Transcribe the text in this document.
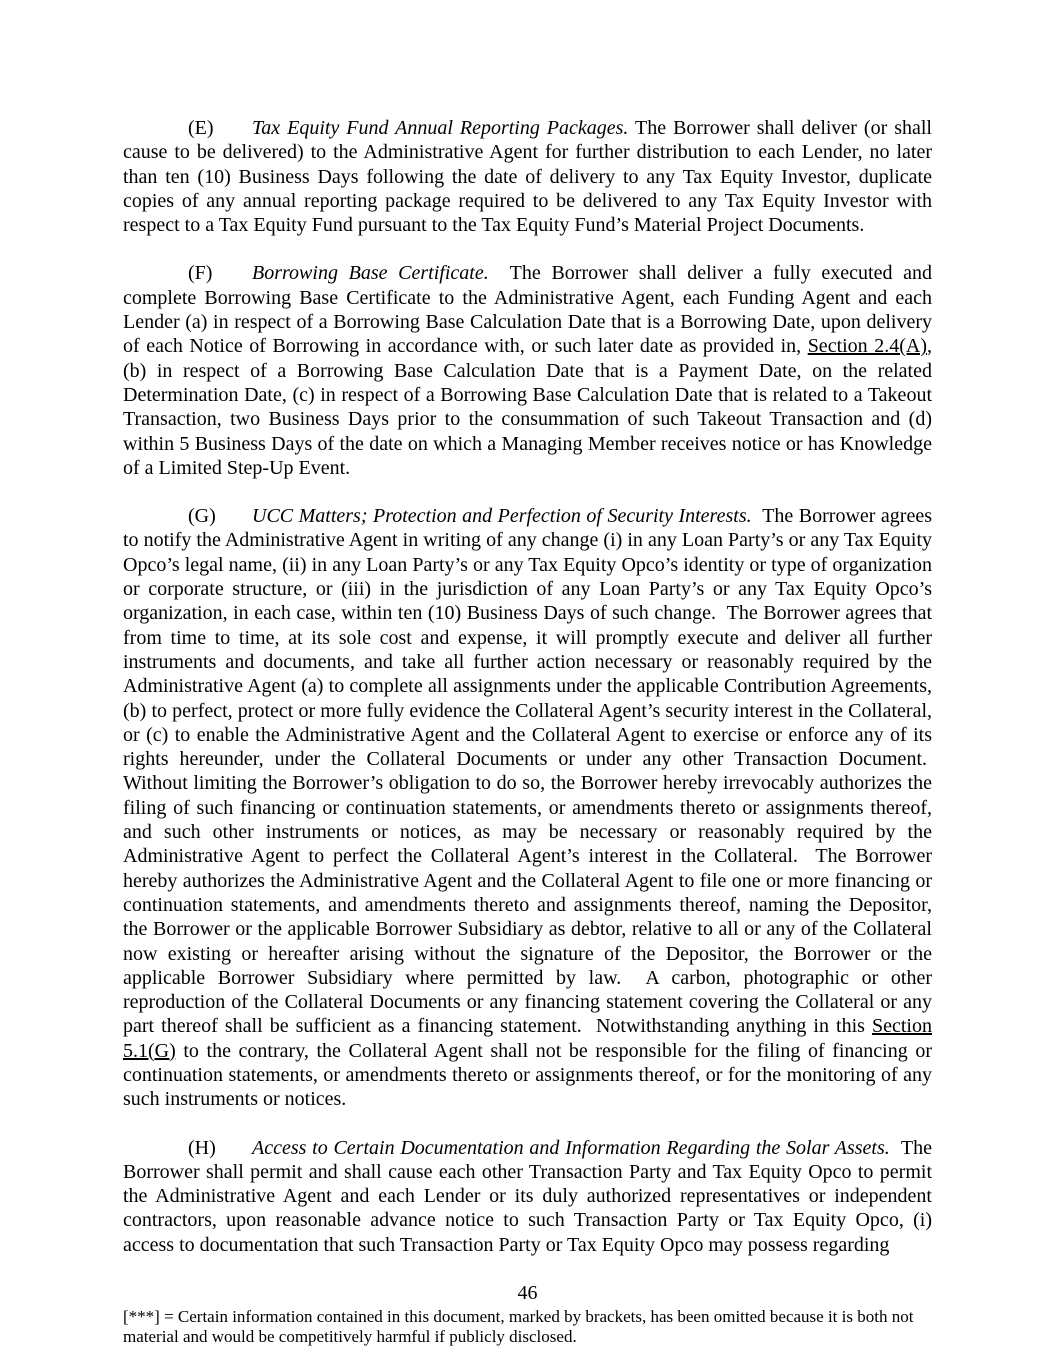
(E) Tax Equity Fund Annual Reporting Packages. The Borrower shall deliver (or shall cause to be delivered) to the Administrative Agent for further distribution to each Lender, no later than ten (10) Business Days following the date of delivery to any Tax Equity Investor, duplicate copies of any annual reporting package required to be delivered to any Tax Equity Investor with respect to a Tax Equity Fund pursuant to the Tax Equity Fund’s Material Project Documents.

(F) Borrowing Base Certificate.  The Borrower shall deliver a fully executed and complete Borrowing Base Certificate to the Administrative Agent, each Funding Agent and each Lender (a) in respect of a Borrowing Base Calculation Date that is a Borrowing Date, upon delivery of each Notice of Borrowing in accordance with, or such later date as provided in, Section 2.4(A), (b) in respect of a Borrowing Base Calculation Date that is a Payment Date, on the related Determination Date, (c) in respect of a Borrowing Base Calculation Date that is related to a Takeout Transaction, two Business Days prior to the consummation of such Takeout Transaction and (d) within 5 Business Days of the date on which a Managing Member receives notice or has Knowledge of a Limited Step-Up Event.

(G) UCC Matters; Protection and Perfection of Security Interests.  The Borrower agrees to notify the Administrative Agent in writing of any change (i) in any Loan Party’s or any Tax Equity Opco’s legal name, (ii) in any Loan Party’s or any Tax Equity Opco’s identity or type of organization or corporate structure, or (iii) in the jurisdiction of any Loan Party’s or any Tax Equity Opco’s organization, in each case, within ten (10) Business Days of such change.  The Borrower agrees that from time to time, at its sole cost and expense, it will promptly execute and deliver all further instruments and documents, and take all further action necessary or reasonably required by the Administrative Agent (a) to complete all assignments under the applicable Contribution Agreements, (b) to perfect, protect or more fully evidence the Collateral Agent’s security interest in the Collateral, or (c) to enable the Administrative Agent and the Collateral Agent to exercise or enforce any of its rights hereunder, under the Collateral Documents or under any other Transaction Document.  Without limiting the Borrower’s obligation to do so, the Borrower hereby irrevocably authorizes the filing of such financing or continuation statements, or amendments thereto or assignments thereof, and such other instruments or notices, as may be necessary or reasonably required by the Administrative Agent to perfect the Collateral Agent’s interest in the Collateral.  The Borrower hereby authorizes the Administrative Agent and the Collateral Agent to file one or more financing or continuation statements, and amendments thereto and assignments thereof, naming the Depositor, the Borrower or the applicable Borrower Subsidiary as debtor, relative to all or any of the Collateral now existing or hereafter arising without the signature of the Depositor, the Borrower or the applicable Borrower Subsidiary where permitted by law.  A carbon, photographic or other reproduction of the Collateral Documents or any financing statement covering the Collateral or any part thereof shall be sufficient as a financing statement.  Notwithstanding anything in this Section 5.1(G) to the contrary, the Collateral Agent shall not be responsible for the filing of financing or continuation statements, or amendments thereto or assignments thereof, or for the monitoring of any such instruments or notices.

(H) Access to Certain Documentation and Information Regarding the Solar Assets.  The Borrower shall permit and shall cause each other Transaction Party and Tax Equity Opco to permit the Administrative Agent and each Lender or its duly authorized representatives or independent contractors, upon reasonable advance notice to such Transaction Party or Tax Equity Opco, (i) access to documentation that such Transaction Party or Tax Equity Opco may possess regarding

46
[***] = Certain information contained in this document, marked by brackets, has been omitted because it is both not material and would be competitively harmful if publicly disclosed.
